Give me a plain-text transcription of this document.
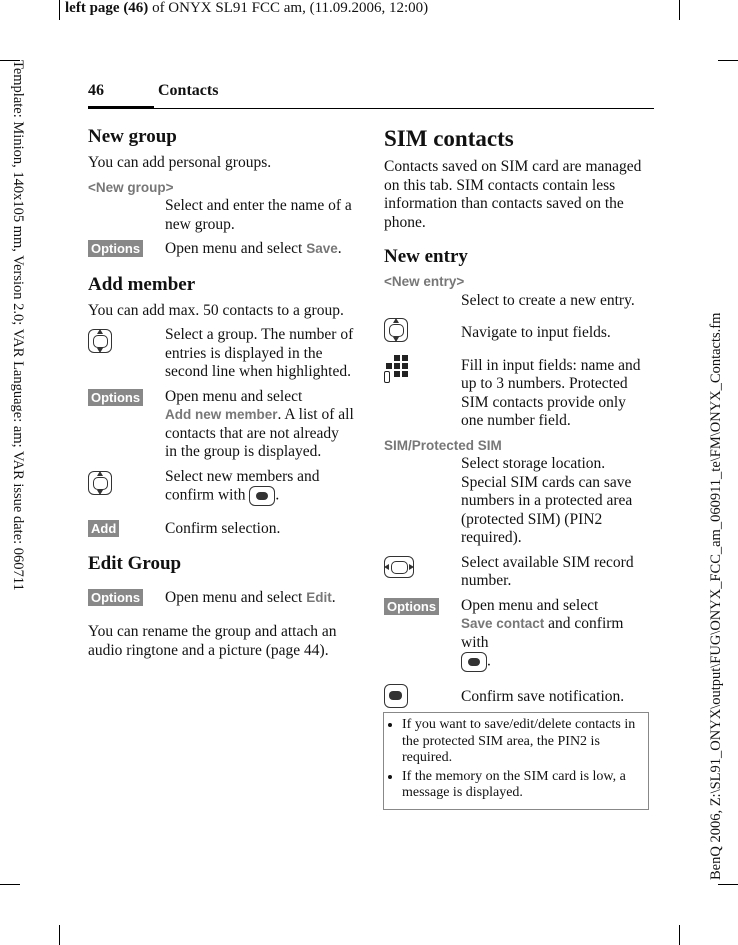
left page (46) of ONYX SL91 FCC am, (11.09.2006, 12:00)
Template: Minion, 140x105 mm, Version 2.0; VAR Language: am; VAR issue date: 060711	BenQ 2006, Z:\SL91_ONYX\output\FUG\ONYX_FCC_am_060911_te\FM\ONYX_Contacts.fm
46	Contacts
New group

You can add personal groups.

<New group>

Select and enter the name of a new group.

Options Open menu and select Save.

Add member

You can add max. 50 contacts to a group.

Select a group. The number of entries is displayed in the second line when highlighted.

Options Open menu and select
Add new member. A list of all contacts that are not already in the group is displayed.

Select new members and confirm with .

Add	Confirm selection.

Edit Group
Options Open menu and select Edit.

You can rename the group and attach an audio ringtone and a picture (page 44).

SIM contacts

Contacts saved on SIM card are managed on this tab. SIM contacts contain less information than contacts saved on the phone.

New entry

<New entry>

Select to create a new entry.

Navigate to input fields.

Fill in input fields: name and up to 3 numbers. Protected SIM contacts provide only one number field.

SIM/Protected SIM

Select storage location. Special SIM cards can save numbers in a protected area (protected SIM) (PIN2 required).

Select available SIM record number.

Options Open menu and select
Save contact and confirm with
.

Confirm save notification.

• If you want to save/edit/delete contacts in the protected SIM area, the PIN2 is required.
• If the memory on the SIM card is low, a message is displayed.
